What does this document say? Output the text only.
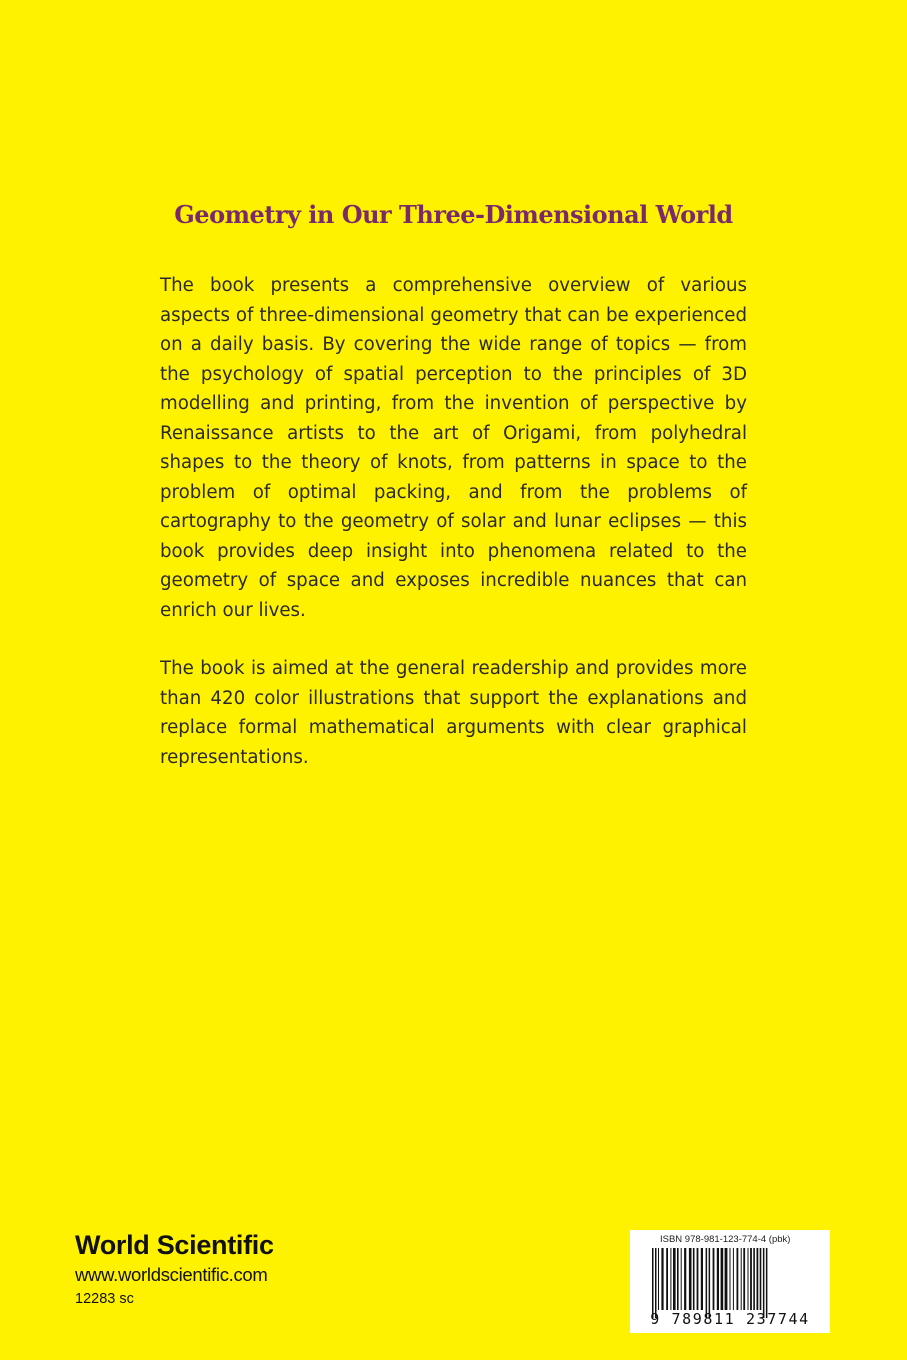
Geometry in Our Three-Dimensional World

The book presents a comprehensive overview of various aspects of three-dimensional geometry that can be experienced on a daily basis. By covering the wide range of topics — from the psychology of spatial perception to the principles of 3D modelling and printing, from the invention of perspective by Renaissance artists to the art of Origami, from polyhedral shapes to the theory of knots, from patterns in space to the problem of optimal packing, and from the problems of cartography to the geometry of solar and lunar eclipses — this book provides deep insight into phenomena related to the geometry of space and exposes incredible nuances that can enrich our lives.

The book is aimed at the general readership and provides more than 420 color illustrations that support the explanations and replace formal mathematical arguments with clear graphical representations.

World Scientific
www.worldscientific.com
12283 sc
ISBN 978-981-123-774-4 (pbk)
9 789811 237744
